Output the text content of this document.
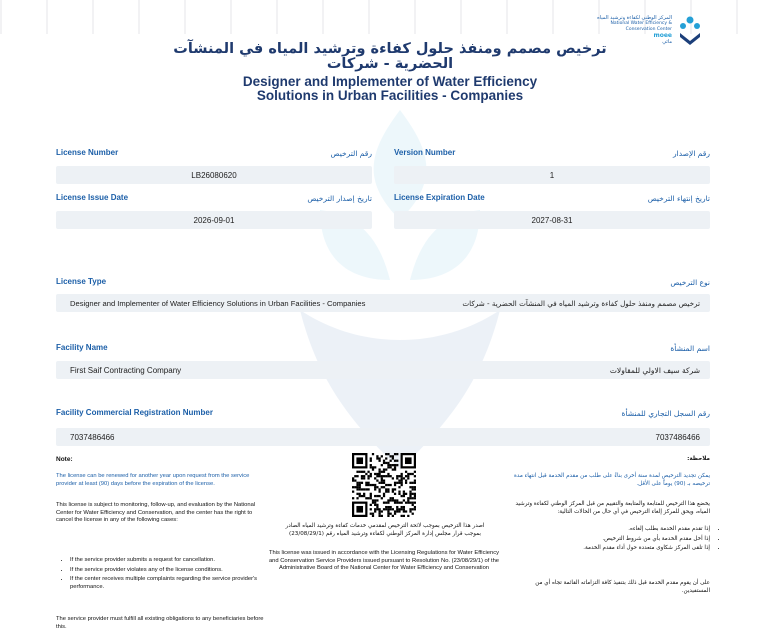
المركز الوطني لكفاءة وترشيد المياه
National Water Efficiency & Conservation Center
moee
مائي
ترخيص مصمم ومنفذ حلول كفاءة وترشيد المياه في المنشآت
الحضرية - شركات
Designer and Implementer of Water Efficiency
Solutions in Urban Facilities - Companies
License Number	رقم الترخيص
LB26080620
Version Number	رقم الإصدار
1
License Issue Date	تاريخ إصدار الترخيص
2026-09-01
License Expiration Date	تاريخ إنتهاء الترخيص
2027-08-31
License Type	نوع الترخيص
Designer and Implementer of Water Efficiency Solutions in Urban Facilities - Companies	ترخيص مصمم ومنفذ حلول كفاءة وترشيد المياه في المنشآت الحضرية - شركات
Facility Name	اسم المنشأة
First Saif Contracting Company	شركة سيف الاولي للمقاولات
Facility Commercial Registration Number	رقم السجل التجاري للمنشأة
7037486466	7037486466
Note:
The license can be renewed for another year upon request from the service provider at least (90) days before the expiration of the license.
This license is subject to monitoring, follow-up, and evaluation by the National
Center for Water Efficiency and Conservation, and the center has the right to
cancel the license in any of the following cases:
• If the service provider submits a request for cancellation.
• If the service provider violates any of the license conditions.
• If the center receives multiple complaints regarding the service provider's performance.
The service provider must fulfill all existing obligations to any beneficiaries before this.
اصدر هذا الترخيص بموجب لائحة الترخيص لمقدمي خدمات كفاءة وترشيد المياه الصادر بموجب قرار مجلس إدارة المركز الوطني لكفاءة وترشيد المياه رقم (23/08/29/1)
This license was issued in accordance with the Licensing Regulations for Water Efficiency and Conservation Service Providers issued pursuant to Resolution No. (23/08/29/1) of the Administrative Board of the National Center for Water Efficiency and Conservation
ملاحظة:
يمكن تجديد الترخيص لمدة سنة أخرى بناءً على طلب من مقدم الخدمة قبل انتهاء مدة ترخيصه بـ (90) يوماً على الأقل.
يخضع هذا الترخيص للمتابعة والمتابعة والتقييم من قبل المركز الوطني لكفاءة وترشيد المياه، ويحق للمركز إلغاء الترخيص في أي حال من الحالات التالية:
• إذا تقدم مقدم الخدمة بطلب إلغاءه.
• إذا أخل مقدم الخدمة بأي من شروط الترخيص.
• إذا تلقى المركز شكاوى متعددة حول أداء مقدم الخدمة.
على أن يقوم مقدم الخدمة قبل ذلك بتنفيذ كافة التزاماته القائمة تجاه أي من المستفيدين.
